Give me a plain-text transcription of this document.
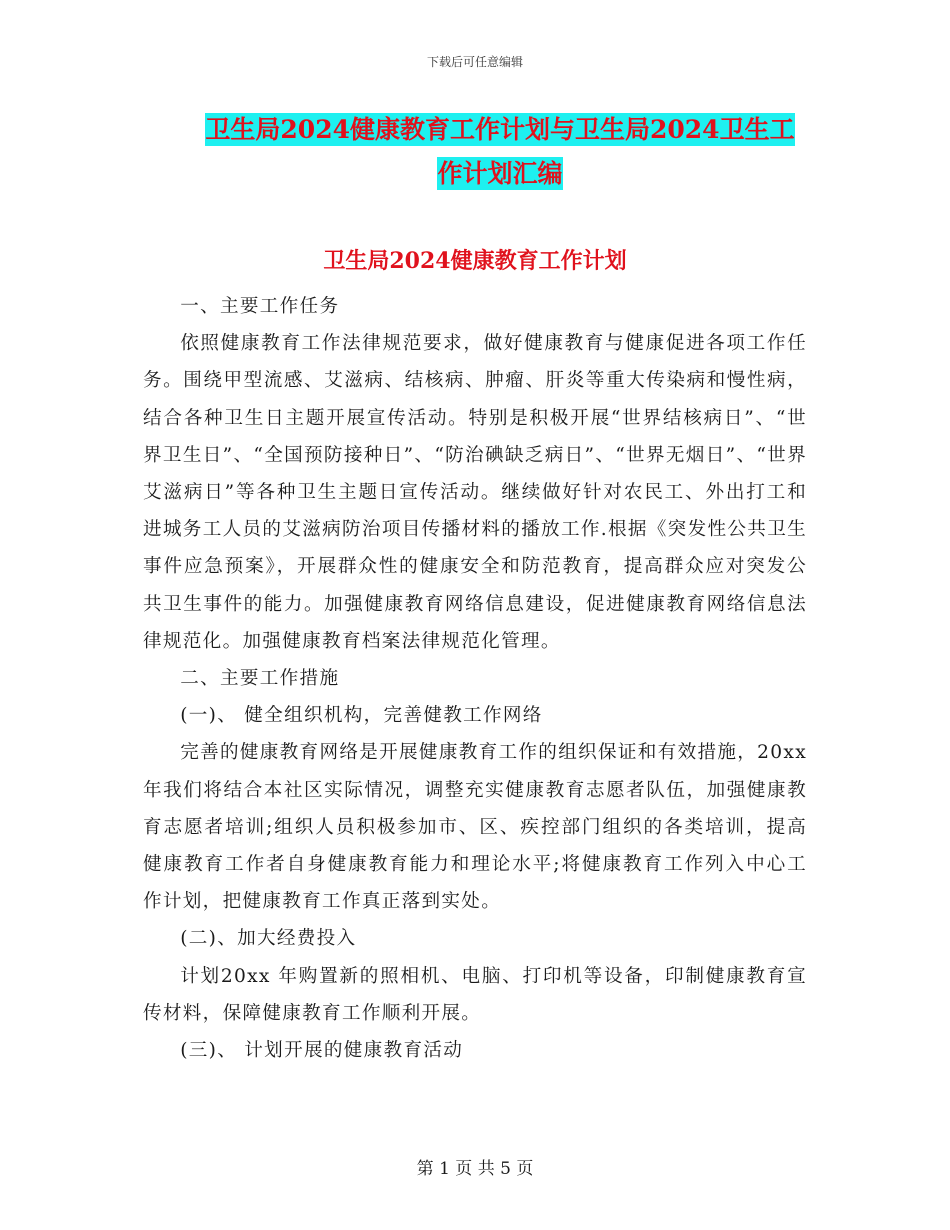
下载后可任意编辑
卫生局2024健康教育工作计划与卫生局2024卫生工
作计划汇编
卫生局2024健康教育工作计划

一、主要工作任务

依照健康教育工作法律规范要求，做好健康教育与健康促进各项工作任务。围绕甲型流感、艾滋病、结核病、肿瘤、肝炎等重大传染病和慢性病，结合各种卫生日主题开展宣传活动。特别是积极开展“世界结核病日”、“世界卫生日”、“全国预防接种日”、“防治碘缺乏病日”、“世界无烟日”、“世界艾滋病日”等各种卫生主题日宣传活动。继续做好针对农民工、外出打工和进城务工人员的艾滋病防治项目传播材料的播放工作.根据《突发性公共卫生事件应急预案》，开展群众性的健康安全和防范教育，提高群众应对突发公共卫生事件的能力。加强健康教育网络信息建设，促进健康教育网络信息法律规范化。加强健康教育档案法律规范化管理。

二、主要工作措施

(一)、 健全组织机构，完善健教工作网络

完善的健康教育网络是开展健康教育工作的组织保证和有效措施，20xx 年我们将结合本社区实际情况，调整充实健康教育志愿者队伍，加强健康教育志愿者培训;组织人员积极参加市、区、疾控部门组织的各类培训，提高健康教育工作者自身健康教育能力和理论水平;将健康教育工作列入中心工作计划，把健康教育工作真正落到实处。

(二)、加大经费投入

计划20xx 年购置新的照相机、电脑、打印机等设备，印制健康教育宣传材料，保障健康教育工作顺利开展。

(三)、 计划开展的健康教育活动

第 1 页 共 5 页
